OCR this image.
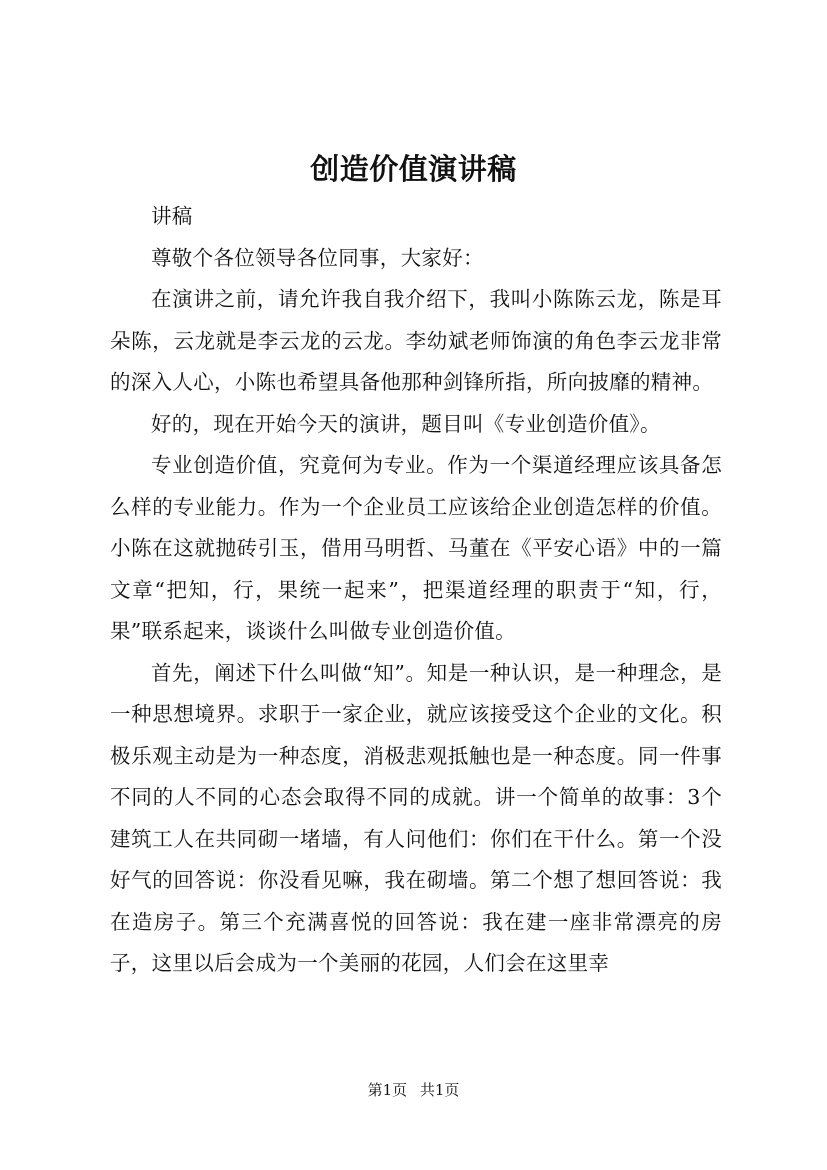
创造价值演讲稿

讲稿

尊敬个各位领导各位同事，大家好：

在演讲之前，请允许我自我介绍下，我叫小陈陈云龙，陈是耳朵陈，云龙就是李云龙的云龙。李幼斌老师饰演的角色李云龙非常的深入人心，小陈也希望具备他那种剑锋所指，所向披靡的精神。

好的，现在开始今天的演讲，题目叫《专业创造价值》。

专业创造价值，究竟何为专业。作为一个渠道经理应该具备怎么样的专业能力。作为一个企业员工应该给企业创造怎样的价值。小陈在这就抛砖引玉，借用马明哲、马董在《平安心语》中的一篇文章“把知，行，果统一起来”，把渠道经理的职责于“知，行，果”联系起来，谈谈什么叫做专业创造价值。

首先，阐述下什么叫做“知”。知是一种认识，是一种理念，是一种思想境界。求职于一家企业，就应该接受这个企业的文化。积极乐观主动是为一种态度，消极悲观抵触也是一种态度。同一件事不同的人不同的心态会取得不同的成就。讲一个简单的故事：3个建筑工人在共同砌一堵墙，有人问他们：你们在干什么。第一个没好气的回答说：你没看见嘛，我在砌墙。第二个想了想回答说：我在造房子。第三个充满喜悦的回答说：我在建一座非常漂亮的房子，这里以后会成为一个美丽的花园，人们会在这里幸

第1页 共1页
